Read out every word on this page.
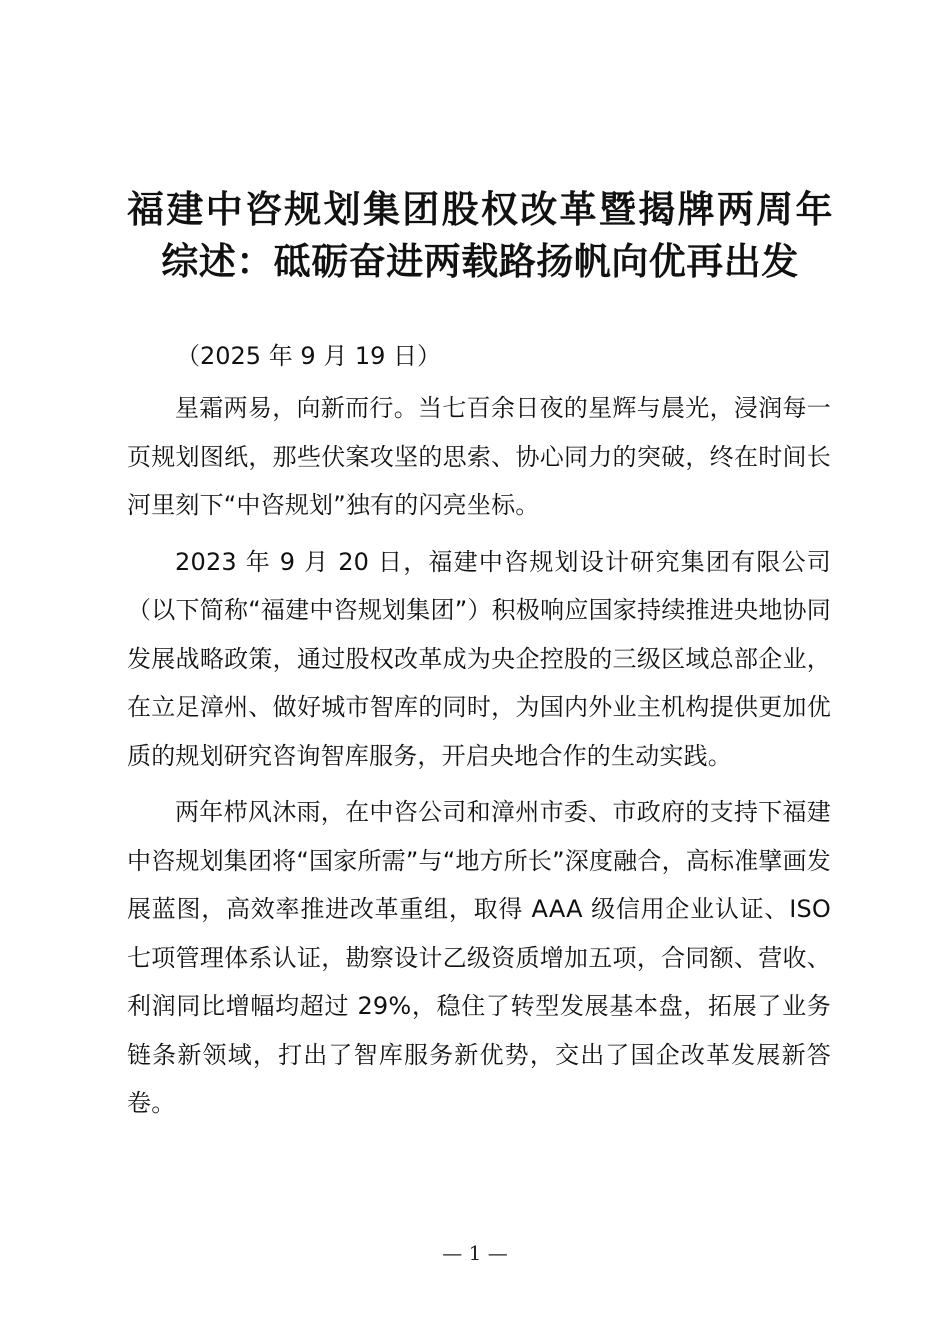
福建中咨规划集团股权改革暨揭牌两周年综述：砥砺奋进两载路扬帆向优再出发

（2025 年 9 月 19 日）

星霜两易，向新而行。当七百余日夜的星辉与晨光，浸润每一页规划图纸，那些伏案攻坚的思索、协心同力的突破，终在时间长河里刻下“中咨规划”独有的闪亮坐标。

2023 年 9 月 20 日，福建中咨规划设计研究集团有限公司（以下简称“福建中咨规划集团”）积极响应国家持续推进央地协同发展战略政策，通过股权改革成为央企控股的三级区域总部企业，在立足漳州、做好城市智库的同时，为国内外业主机构提供更加优质的规划研究咨询智库服务，开启央地合作的生动实践。

两年栉风沐雨，在中咨公司和漳州市委、市政府的支持下福建中咨规划集团将“国家所需”与“地方所长”深度融合，高标准擘画发展蓝图，高效率推进改革重组，取得 AAA 级信用企业认证、ISO 七项管理体系认证，勘察设计乙级资质增加五项，合同额、营收、利润同比增幅均超过 29%，稳住了转型发展基本盘，拓展了业务链条新领域，打出了智库服务新优势，交出了国企改革发展新答卷。

— 1 —
